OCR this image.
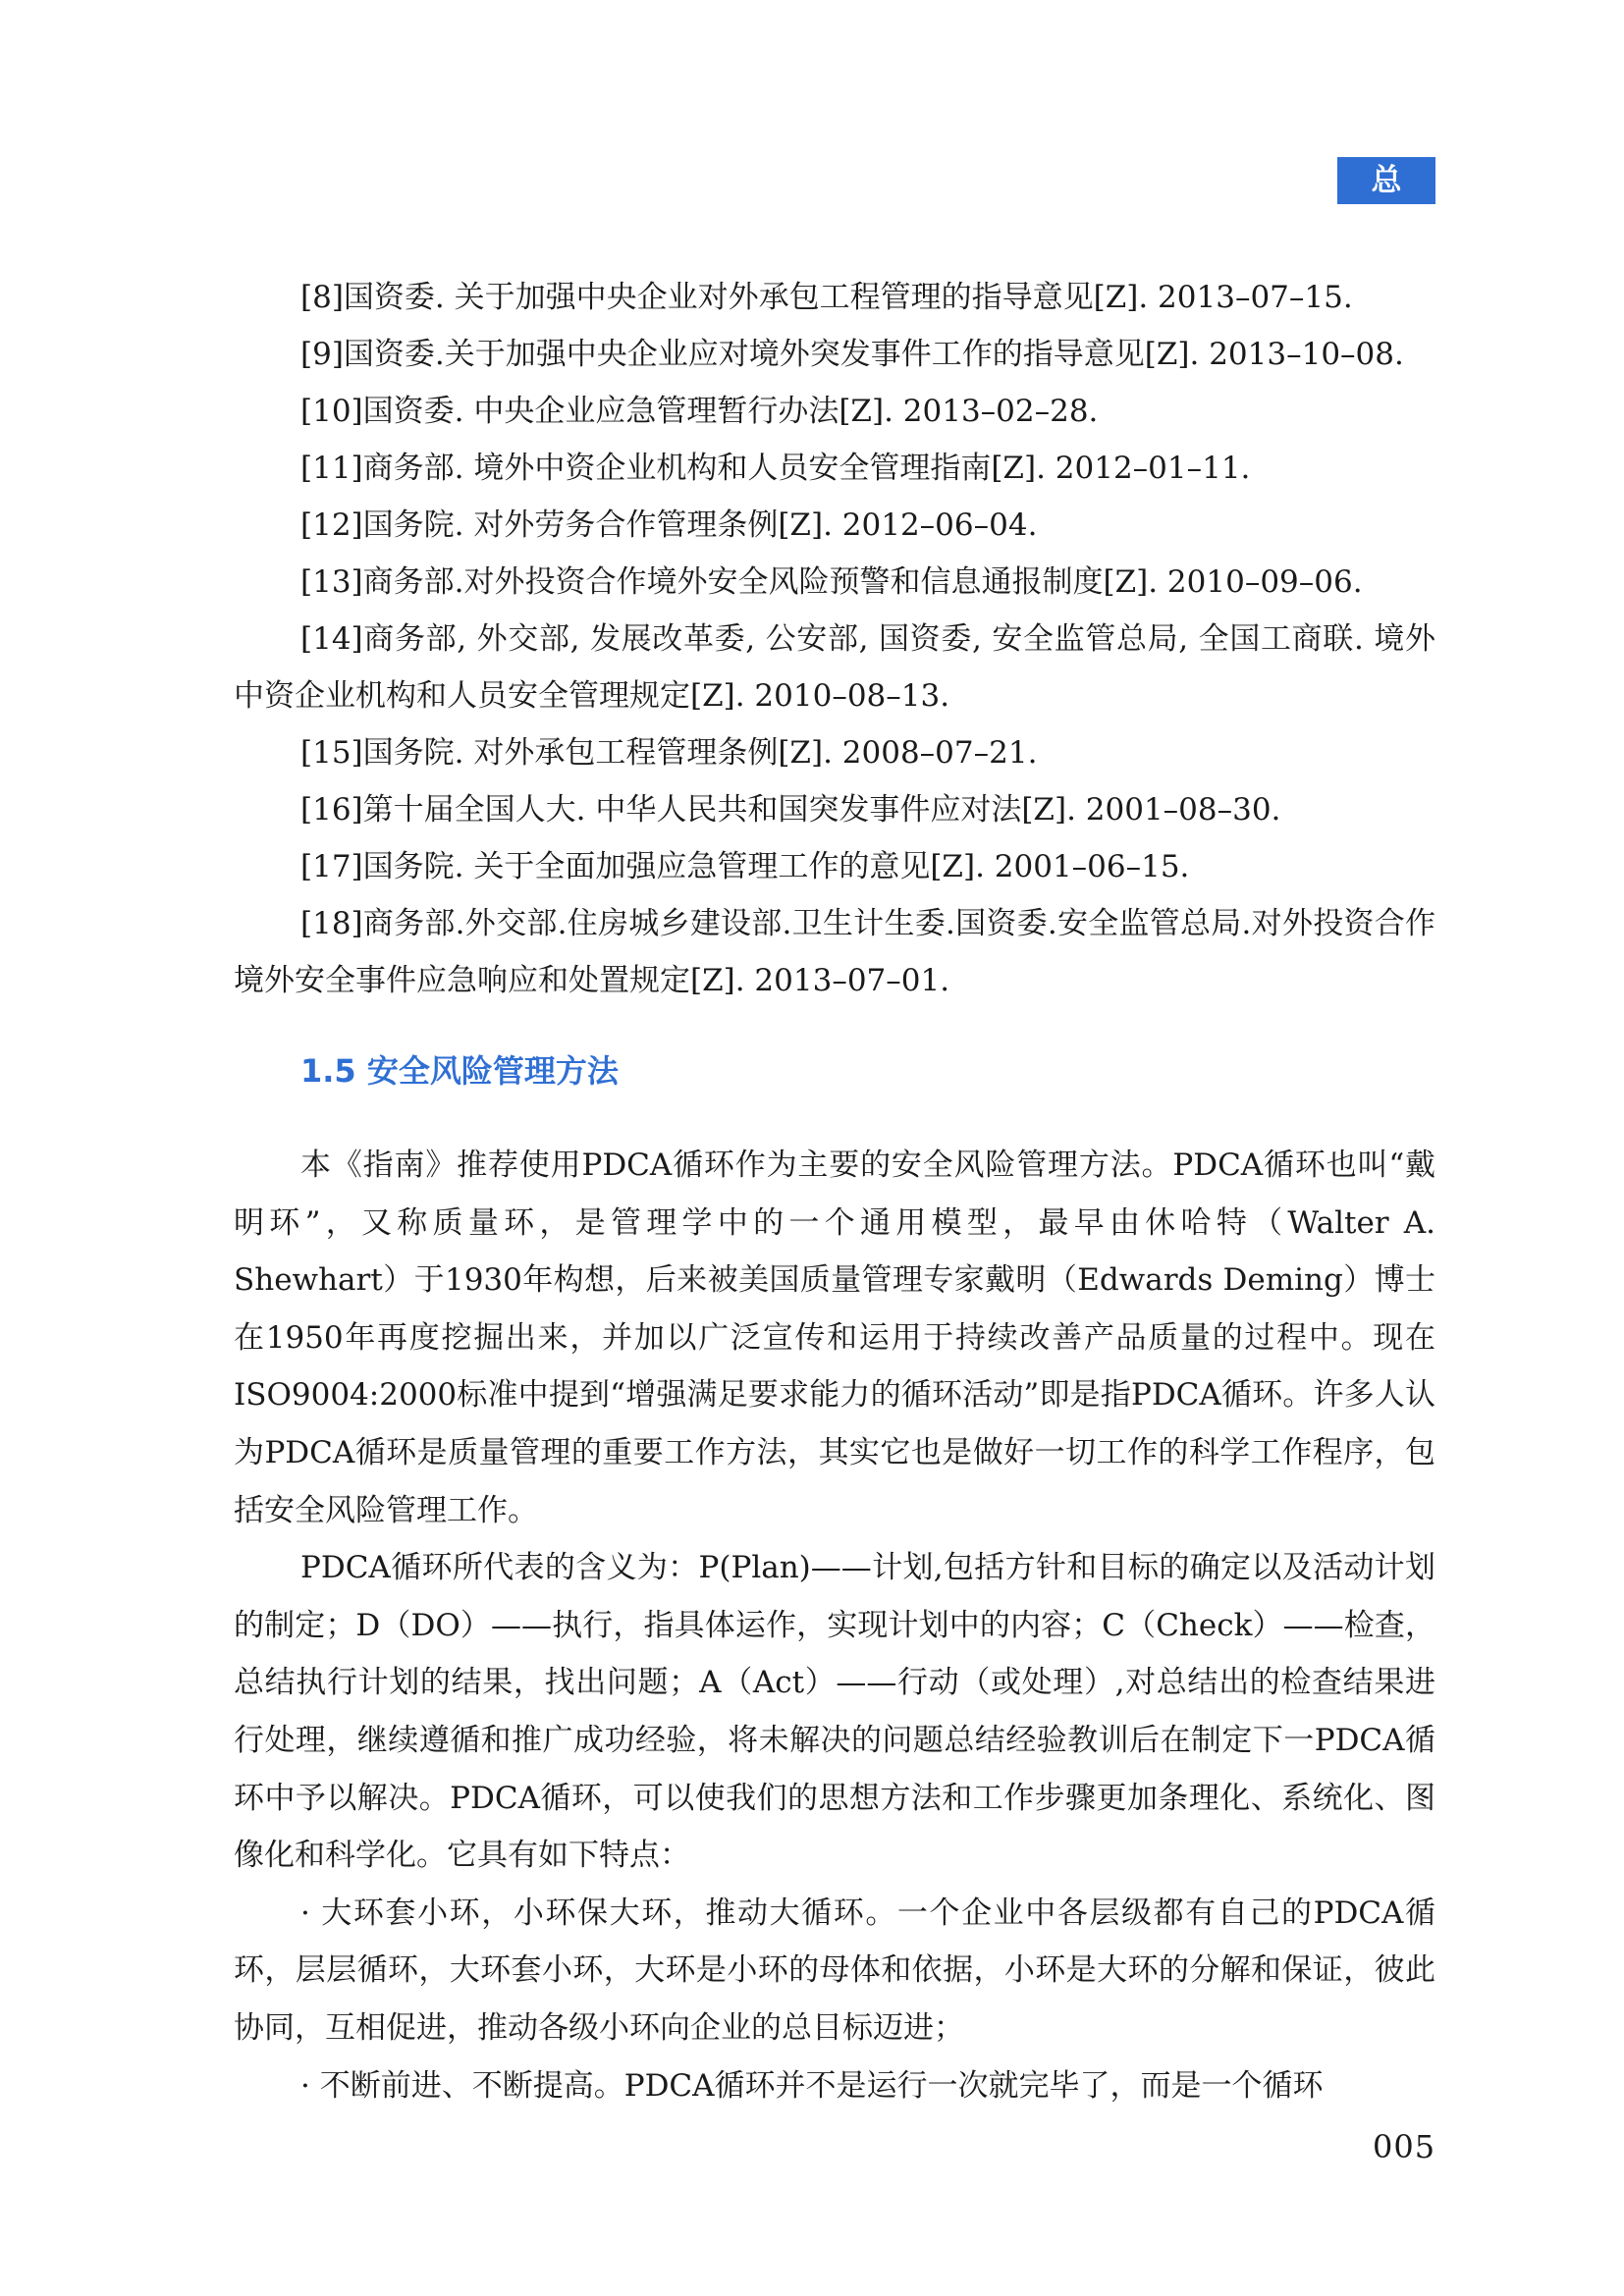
总 论

[8]国资委. 关于加强中央企业对外承包工程管理的指导意见[Z]. 2013–07–15.

[9]国资委.关于加强中央企业应对境外突发事件工作的指导意见[Z]. 2013–10–08.

[10]国资委. 中央企业应急管理暂行办法[Z]. 2013–02–28.

[11]商务部. 境外中资企业机构和人员安全管理指南[Z]. 2012–01–11.

[12]国务院. 对外劳务合作管理条例[Z]. 2012–06–04.

[13]商务部.对外投资合作境外安全风险预警和信息通报制度[Z]. 2010–09–06.

[14]商务部, 外交部, 发展改革委, 公安部, 国资委, 安全监管总局, 全国工商联. 境外中资企业机构和人员安全管理规定[Z]. 2010–08–13.

[15]国务院. 对外承包工程管理条例[Z]. 2008–07–21.

[16]第十届全国人大. 中华人民共和国突发事件应对法[Z]. 2001–08–30.

[17]国务院. 关于全面加强应急管理工作的意见[Z]. 2001–06–15.

[18]商务部.外交部.住房城乡建设部.卫生计生委.国资委.安全监管总局.对外投资合作境外安全事件应急响应和处置规定[Z]. 2013–07–01.

1.5 安全风险管理方法

本《指南》推荐使用PDCA循环作为主要的安全风险管理方法。PDCA循环也叫“戴明环”，又称质量环，是管理学中的一个通用模型，最早由休哈特（Walter A. Shewhart）于1930年构想，后来被美国质量管理专家戴明（Edwards Deming）博士在1950年再度挖掘出来，并加以广泛宣传和运用于持续改善产品质量的过程中。现在ISO9004:2000标准中提到“增强满足要求能力的循环活动”即是指PDCA循环。许多人认为PDCA循环是质量管理的重要工作方法，其实它也是做好一切工作的科学工作程序，包括安全风险管理工作。

PDCA循环所代表的含义为：P(Plan)——计划,包括方针和目标的确定以及活动计划的制定；D（DO）——执行，指具体运作，实现计划中的内容；C（Check）——检查，总结执行计划的结果，找出问题；A（Act）——行动（或处理）,对总结出的检查结果进行处理，继续遵循和推广成功经验，将未解决的问题总结经验教训后在制定下一PDCA循环中予以解决。PDCA循环，可以使我们的思想方法和工作步骤更加条理化、系统化、图像化和科学化。它具有如下特点：

· 大环套小环，小环保大环，推动大循环。一个企业中各层级都有自己的PDCA循环，层层循环，大环套小环，大环是小环的母体和依据，小环是大环的分解和保证，彼此协同，互相促进，推动各级小环向企业的总目标迈进；

· 不断前进、不断提高。PDCA循环并不是运行一次就完毕了，而是一个循环

005
